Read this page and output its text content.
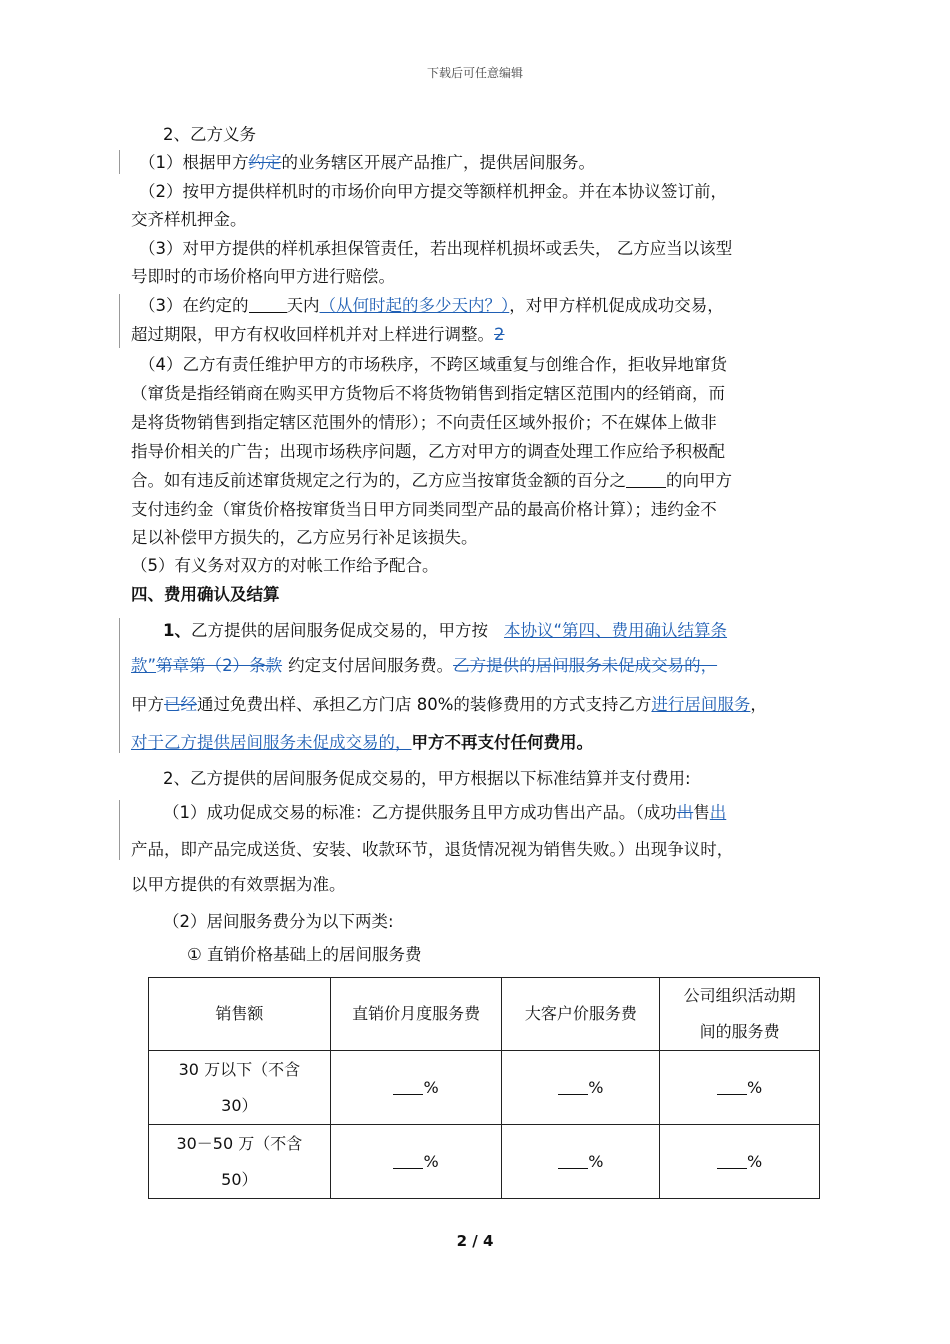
下载后可任意编辑
2、乙方义务
（1）根据甲方约定的业务辖区开展产品推广，提供居间服务。
（2）按甲方提供样机时的市场价向甲方提交等额样机押金。并在本协议签订前，
交齐样机押金。
（3）对甲方提供的样机承担保管责任，若出现样机损坏或丢失， 乙方应当以该型
号即时的市场价格向甲方进行赔偿。
（3）在约定的 天内（从何时起的多少天内？），对甲方样机促成成功交易，
超过期限，甲方有权收回样机并对上样进行调整。2
（4）乙方有责任维护甲方的市场秩序，不跨区域重复与创维合作，拒收异地窜货
（窜货是指经销商在购买甲方货物后不将货物销售到指定辖区范围内的经销商，而
是将货物销售到指定辖区范围外的情形）；不向责任区域外报价；不在媒体上做非
指导价相关的广告；出现市场秩序问题，乙方对甲方的调查处理工作应给予积极配
合。如有违反前述窜货规定之行为的，乙方应当按窜货金额的百分之 的向甲方
支付违约金（窜货价格按窜货当日甲方同类同型产品的最高价格计算）；违约金不
足以补偿甲方损失的，乙方应另行补足该损失。
（5）有义务对双方的对帐工作给予配合。
四、费用确认及结算
1、乙方提供的居间服务促成交易的，甲方按 本协议“第四、费用确认结算条
款”第章第（2）条款 约定支付居间服务费。乙方提供的居间服务未促成交易的，
甲方已经通过免费出样、承担乙方门店 80%的装修费用的方式支持乙方进行居间服务，
对于乙方提供居间服务未促成交易的，甲方不再支付任何费用。
2、乙方提供的居间服务促成交易的，甲方根据以下标准结算并支付费用:
（1）成功促成交易的标准：乙方提供服务且甲方成功售出产品。（成功出售出
产品，即产品完成送货、安装、收款环节，退货情况视为销售失败。）出现争议时，
以甲方提供的有效票据为准。
（2）居间服务费分为以下两类:
① 直销价格基础上的居间服务费
销售额	直销价月度服务费	大客户价服务费	公司组织活动期
间的服务费

30 万以下（不含
30）	%	%	%

30－50 万（不含
50）	%	%	%
2 / 4
